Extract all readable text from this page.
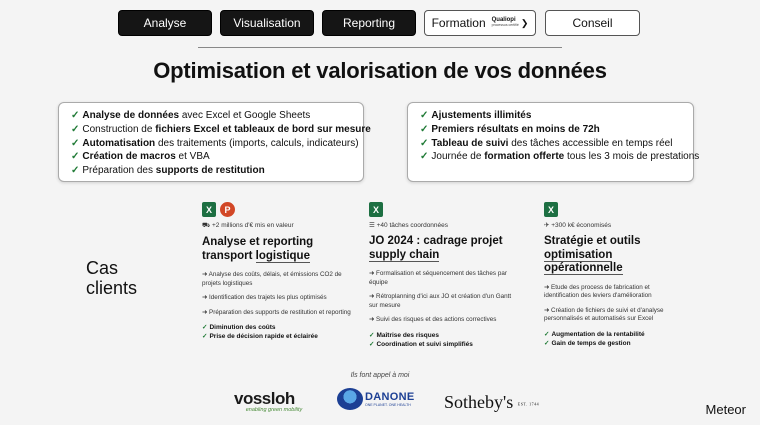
Analyse	Visualisation	Reporting	Formation Qualiopi
processus certifié ❯	Conseil
Optimisation et valorisation de vos données
✓ Analyse de données avec Excel et Google Sheets
✓ Construction de fichiers Excel et tableaux de bord sur mesure
✓ Automatisation des traitements (imports, calculs, indicateurs)
✓ Création de macros et VBA
✓ Préparation des supports de restitution
✓ Ajustements illimités
✓ Premiers résultats en moins de 72h
✓ Tableau de suivi des tâches accessible en temps réel
✓ Journée de formation offerte tous les 3 mois de prestations
Cas
clients
X	P
⛟ +2 millions d'€ mis en valeur
Analyse et reporting transport logistique
➜ Analyse des coûts, délais, et émissions CO2 de projets logistiques
➜ Identification des trajets les plus optimisés
➜ Préparation des supports de restitution et reporting
✓ Diminution des coûts
✓ Prise de décision rapide et éclairée
X
☰ +40 tâches coordonnées
JO 2024 : cadrage projet supply chain
➜ Formalisation et séquencement des tâches par équipe
➜ Rétroplanning d'ici aux JO et création d'un Gantt sur mesure
➜ Suivi des risques et des actions correctives
✓ Maîtrise des risques
✓ Coordination et suivi simplifiés
X
✈ +300 k€ économisés
Stratégie et outils optimisation opérationnelle
➜ Etude des process de fabrication et identification des leviers d'amélioration
➜ Création de fichiers de suivi et d'analyse personnalisés et automatisés sur Excel
✓ Augmentation de la rentabilité
✓ Gain de temps de gestion
Ils font appel à moi
vossloh
enabling green mobility
DANONE
ONE PLANET. ONE HEALTH Sotheby's EST. 1744	Meteor
